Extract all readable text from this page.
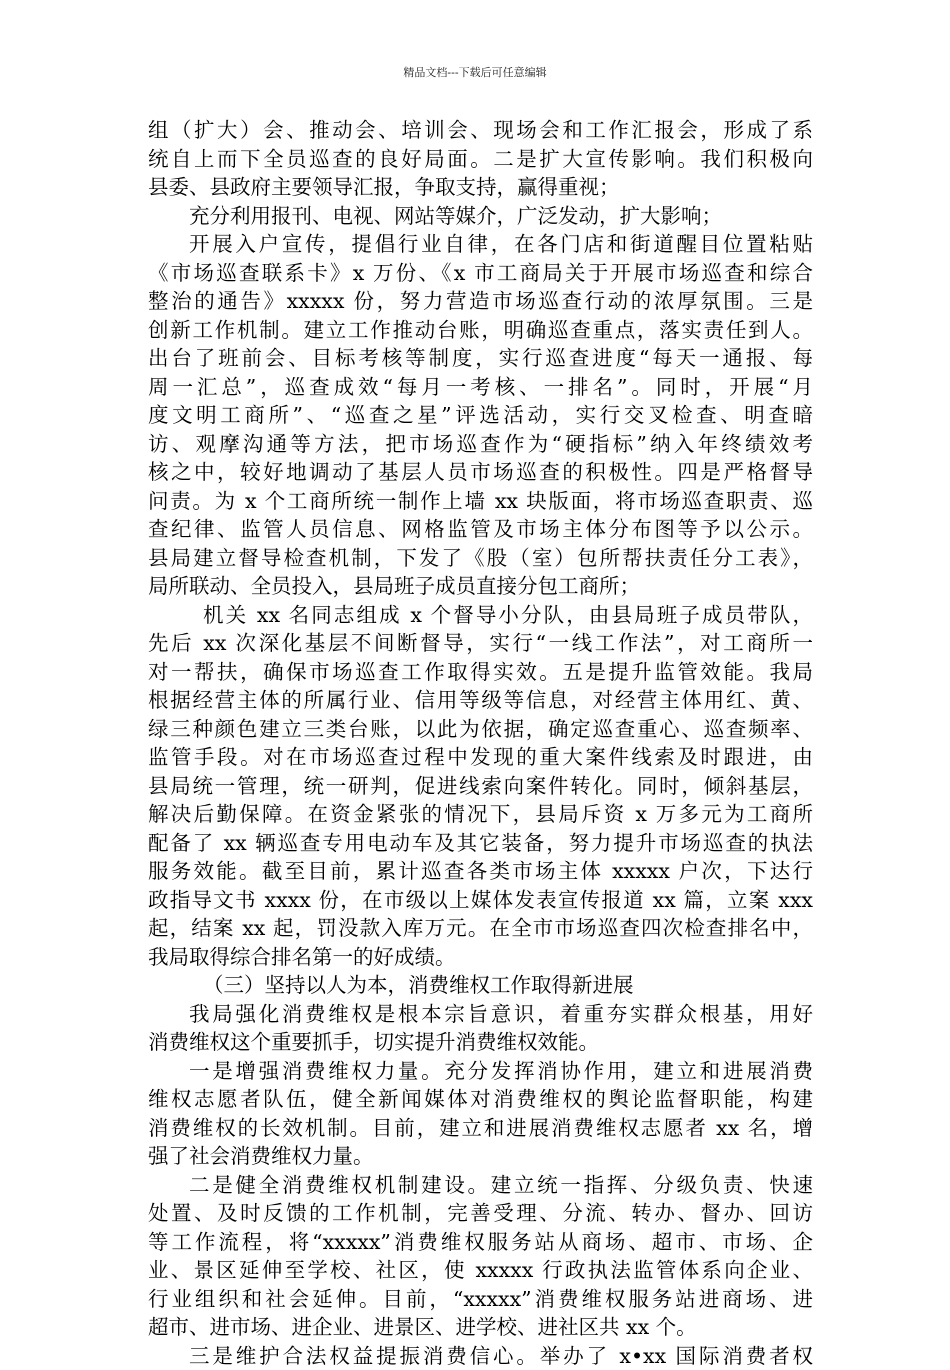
精品文档---下载后可任意编辑
组（扩大）会、推动会、培训会、现场会和工作汇报会，形成了系
统自上而下全员巡查的良好局面。二是扩大宣传影响。我们积极向
县委、县政府主要领导汇报，争取支持，赢得重视；
充分利用报刊、电视、网站等媒介，广泛发动，扩大影响；
开展入户宣传，提倡行业自律，在各门店和街道醒目位置粘贴
《市场巡查联系卡》x 万份、《x 市工商局关于开展市场巡查和综合
整治的通告》xxxxx 份，努力营造市场巡查行动的浓厚氛围。三是
创新工作机制。建立工作推动台账，明确巡查重点，落实责任到人。
出台了班前会、目标考核等制度，实行巡查进度“每天一通报、每
周一汇总”，巡查成效“每月一考核、一排名”。同时，开展“月
度文明工商所”、“巡查之星”评选活动，实行交叉检查、明查暗
访、观摩沟通等方法，把市场巡查作为“硬指标”纳入年终绩效考
核之中，较好地调动了基层人员市场巡查的积极性。四是严格督导
问责。为 x 个工商所统一制作上墙 xx 块版面，将市场巡查职责、巡
查纪律、监管人员信息、网格监管及市场主体分布图等予以公示。
县局建立督导检查机制，下发了《股（室）包所帮扶责任分工表》，
局所联动、全员投入，县局班子成员直接分包工商所；
机关 xx 名同志组成 x 个督导小分队，由县局班子成员带队，
先后 xx 次深化基层不间断督导，实行“一线工作法”，对工商所一
对一帮扶，确保市场巡查工作取得实效。五是提升监管效能。我局
根据经营主体的所属行业、信用等级等信息，对经营主体用红、黄、
绿三种颜色建立三类台账，以此为依据，确定巡查重心、巡查频率、
监管手段。对在市场巡查过程中发现的重大案件线索及时跟进，由
县局统一管理，统一研判，促进线索向案件转化。同时，倾斜基层，
解决后勤保障。在资金紧张的情况下，县局斥资 x 万多元为工商所
配备了 xx 辆巡查专用电动车及其它装备，努力提升市场巡查的执法
服务效能。截至目前，累计巡查各类市场主体 xxxxx 户次，下达行
政指导文书 xxxx 份，在市级以上媒体发表宣传报道 xx 篇，立案 xxx
起，结案 xx 起，罚没款入库万元。在全市市场巡查四次检查排名中，
我局取得综合排名第一的好成绩。
（三）坚持以人为本，消费维权工作取得新进展
我局强化消费维权是根本宗旨意识，着重夯实群众根基，用好
消费维权这个重要抓手，切实提升消费维权效能。
一是增强消费维权力量。充分发挥消协作用，建立和进展消费
维权志愿者队伍，健全新闻媒体对消费维权的舆论监督职能，构建
消费维权的长效机制。目前，建立和进展消费维权志愿者 xx 名，增
强了社会消费维权力量。
二是健全消费维权机制建设。建立统一指挥、分级负责、快速
处置、及时反馈的工作机制，完善受理、分流、转办、督办、回访
等工作流程，将“xxxxx”消费维权服务站从商场、超市、市场、企
业、景区延伸至学校、社区，使 xxxxx 行政执法监管体系向企业、
行业组织和社会延伸。目前，“xxxxx”消费维权服务站进商场、进
超市、进市场、进企业、进景区、进学校、进社区共 xx 个。
三是维护合法权益提振消费信心。举办了 x•xx 国际消费者权
